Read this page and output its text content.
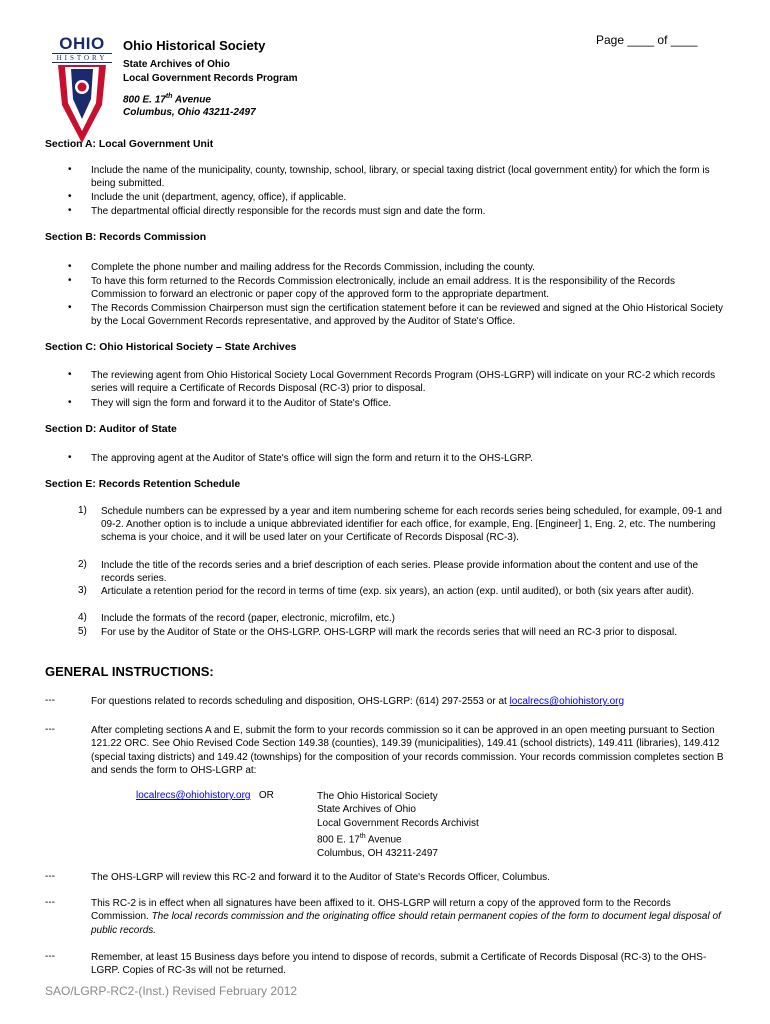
OHIO
HISTORY
Ohio Historical Society
State Archives of Ohio
Local Government Records Program
800 E. 17th Avenue
Columbus, Ohio 43211-2497
Page ____ of ____
Section A: Local Government Unit
• Include the name of the municipality, county, township, school, library, or special taxing district (local government entity) for which the form is being submitted.
• Include the unit (department, agency, office), if applicable.
• The departmental official directly responsible for the records must sign and date the form.
Section B: Records Commission
• Complete the phone number and mailing address for the Records Commission, including the county.
• To have this form returned to the Records Commission electronically, include an email address. It is the responsibility of the Records Commission to forward an electronic or paper copy of the approved form to the appropriate department.
• The Records Commission Chairperson must sign the certification statement before it can be reviewed and signed at the Ohio Historical Society by the Local Government Records representative, and approved by the Auditor of State's Office.
Section C: Ohio Historical Society – State Archives
• The reviewing agent from Ohio Historical Society Local Government Records Program (OHS-LGRP) will indicate on your RC-2 which records series will require a Certificate of Records Disposal (RC-3) prior to disposal.
• They will sign the form and forward it to the Auditor of State's Office.
Section D: Auditor of State
• The approving agent at the Auditor of State's office will sign the form and return it to the OHS-LGRP.
Section E: Records Retention Schedule
1) Schedule numbers can be expressed by a year and item numbering scheme for each records series being scheduled, for example, 09-1 and 09-2. Another option is to include a unique abbreviated identifier for each office, for example, Eng. [Engineer] 1, Eng. 2, etc. The numbering schema is your choice, and it will be used later on your Certificate of Records Disposal (RC-3).
2) Include the title of the records series and a brief description of each series. Please provide information about the content and use of the records series.
3) Articulate a retention period for the record in terms of time (exp. six years), an action (exp. until audited), or both (six years after audit).
4) Include the formats of the record (paper, electronic, microfilm, etc.)
5) For use by the Auditor of State or the OHS-LGRP. OHS-LGRP will mark the records series that will need an RC-3 prior to disposal.
GENERAL INSTRUCTIONS:
---	For questions related to records scheduling and disposition, OHS-LGRP: (614) 297-2553 or at localrecs@ohiohistory.org
---	After completing sections A and E, submit the form to your records commission so it can be approved in an open meeting pursuant to Section 121.22 ORC. See Ohio Revised Code Section 149.38 (counties), 149.39 (municipalities), 149.41 (school districts), 149.411 (libraries), 149.412 (special taxing districts) and 149.42 (townships) for the composition of your records commission. Your records commission completes section B and sends the form to OHS-LGRP at:
localrecs@ohiohistory.org OR	The Ohio Historical Society
State Archives of Ohio
Local Government Records Archivist
800 E. 17th Avenue
Columbus, OH 43211-2497
---	The OHS-LGRP will review this RC-2 and forward it to the Auditor of State's Records Officer, Columbus.
---	This RC-2 is in effect when all signatures have been affixed to it. OHS-LGRP will return a copy of the approved form to the Records Commission. The local records commission and the originating office should retain permanent copies of the form to document legal disposal of public records.
---	Remember, at least 15 Business days before you intend to dispose of records, submit a Certificate of Records Disposal (RC-3) to the OHS-LGRP. Copies of RC-3s will not be returned.
SAO/LGRP-RC2-(Inst.) Revised February 2012
